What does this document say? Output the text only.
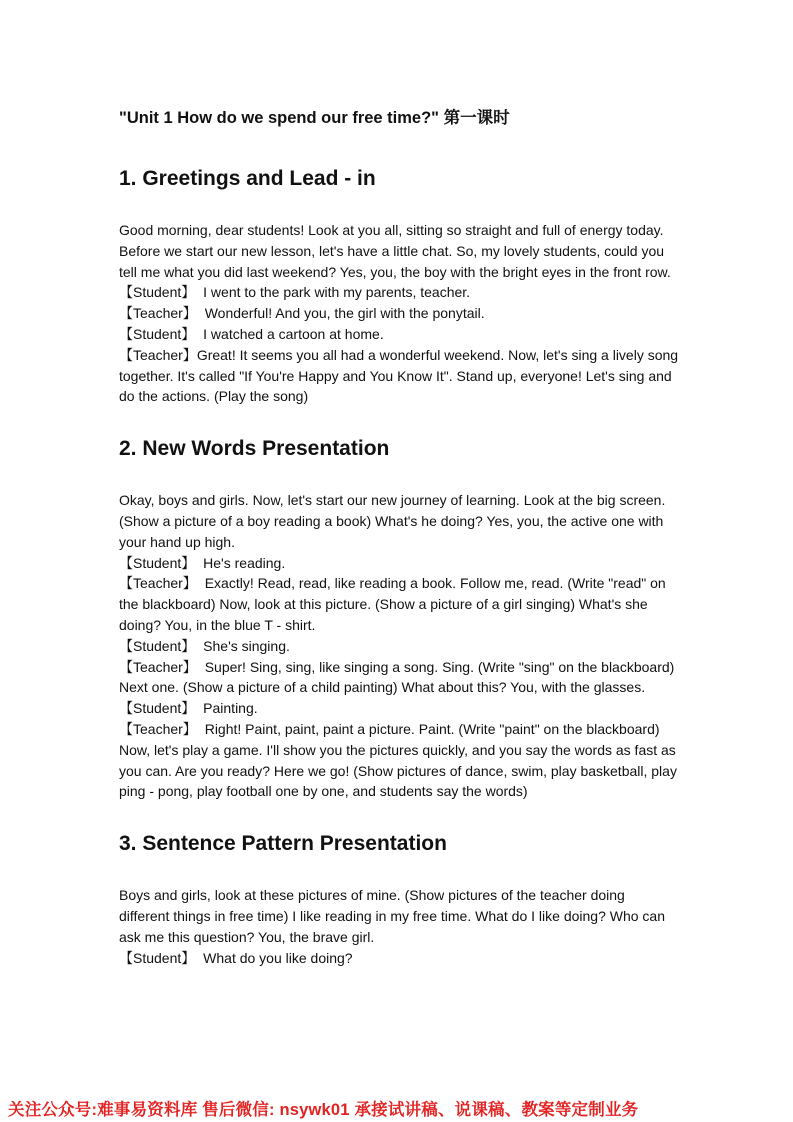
"Unit 1 How do we spend our free time?" 第一课时
1. Greetings and Lead - in

Good morning, dear students! Look at you all, sitting so straight and full of energy today. Before we start our new lesson, let's have a little chat. So, my lovely students, could you tell me what you did last weekend? Yes, you, the boy with the bright eyes in the front row.

【Student】 I went to the park with my parents, teacher.

【Teacher】 Wonderful! And you, the girl with the ponytail.

【Student】 I watched a cartoon at home.

【Teacher】Great! It seems you all had a wonderful weekend. Now, let's sing a lively song together. It's called "If You're Happy and You Know It". Stand up, everyone! Let's sing and do the actions. (Play the song)

2. New Words Presentation

Okay, boys and girls. Now, let's start our new journey of learning. Look at the big screen. (Show a picture of a boy reading a book) What's he doing? Yes, you, the active one with your hand up high.

【Student】 He's reading.

【Teacher】 Exactly! Read, read, like reading a book. Follow me, read. (Write "read" on the blackboard) Now, look at this picture. (Show a picture of a girl singing) What's she doing? You, in the blue T - shirt.

【Student】 She's singing.

【Teacher】 Super! Sing, sing, like singing a song. Sing. (Write "sing" on the blackboard) Next one. (Show a picture of a child painting) What about this? You, with the glasses.

【Student】 Painting.

【Teacher】 Right! Paint, paint, paint a picture. Paint. (Write "paint" on the blackboard) Now, let's play a game. I'll show you the pictures quickly, and you say the words as fast as you can. Are you ready? Here we go! (Show pictures of dance, swim, play basketball, play ping - pong, play football one by one, and students say the words)

3. Sentence Pattern Presentation

Boys and girls, look at these pictures of mine. (Show pictures of the teacher doing different things in free time) I like reading in my free time. What do I like doing? Who can ask me this question? You, the brave girl.

【Student】 What do you like doing?

关注公众号:难事易资料库 售后微信: nsywk01 承接试讲稿、说课稿、教案等定制业务
